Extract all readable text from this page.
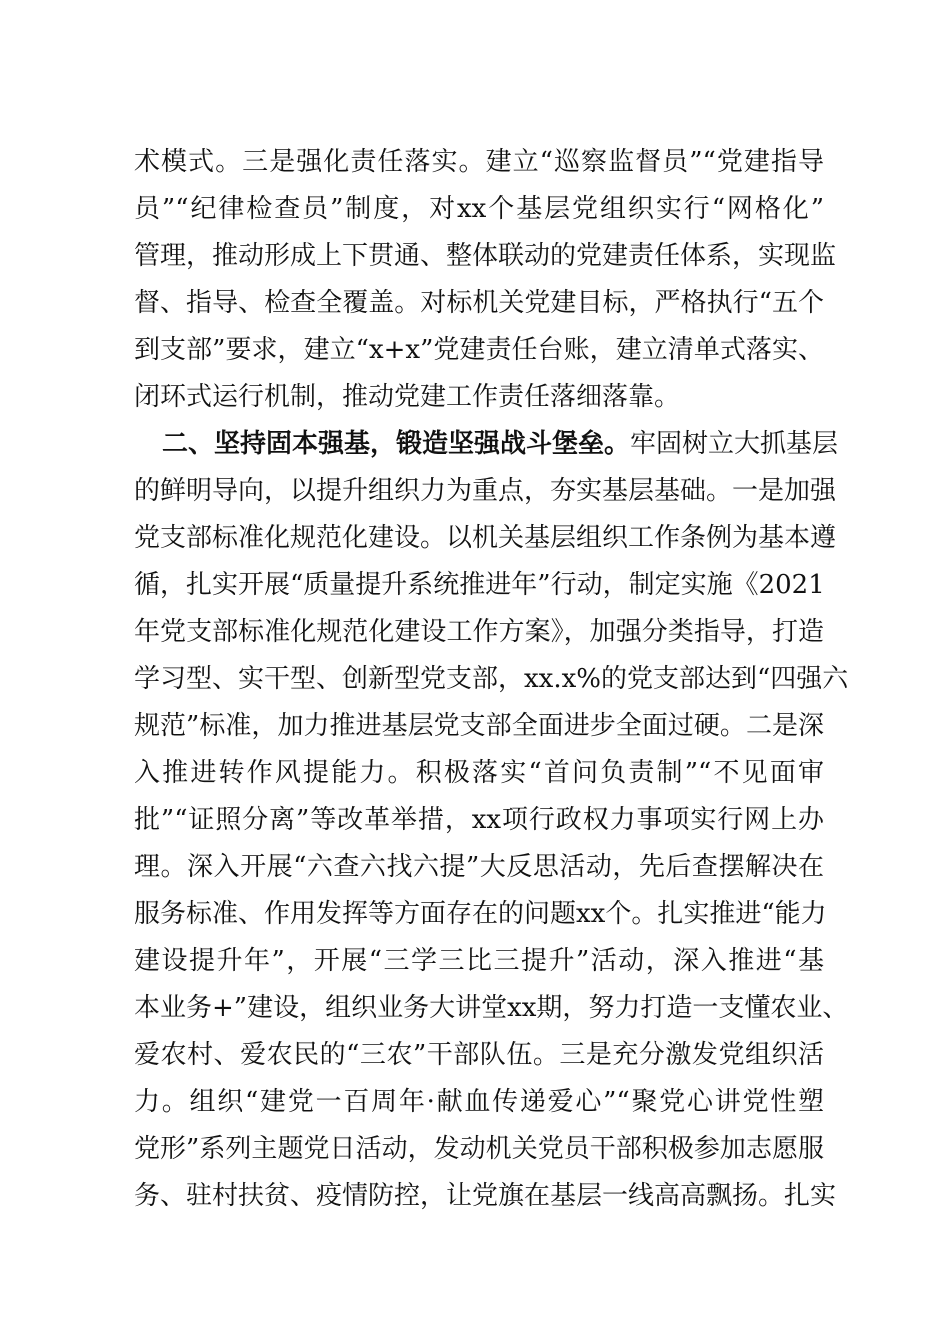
术模式。三是强化责任落实。建立“巡察监督员”“党建指导
员”“纪律检查员”制度，对xx个基层党组织实行“网格化”
管理，推动形成上下贯通、整体联动的党建责任体系，实现监
督、指导、检查全覆盖。对标机关党建目标，严格执行“五个
到支部”要求，建立“x+x”党建责任台账，建立清单式落实、
闭环式运行机制，推动党建工作责任落细落靠。
二、坚持固本强基，锻造坚强战斗堡垒。牢固树立大抓基层
的鲜明导向，以提升组织力为重点，夯实基层基础。一是加强
党支部标准化规范化建设。以机关基层组织工作条例为基本遵
循，扎实开展“质量提升系统推进年”行动，制定实施《2021
年党支部标准化规范化建设工作方案》，加强分类指导，打造
学习型、实干型、创新型党支部，xx.x%的党支部达到“四强六
规范”标准，加力推进基层党支部全面进步全面过硬。二是深
入推进转作风提能力。积极落实“首问负责制”“不见面审
批”“证照分离”等改革举措，xx项行政权力事项实行网上办
理。深入开展“六查六找六提”大反思活动，先后查摆解决在
服务标准、作用发挥等方面存在的问题xx个。扎实推进“能力
建设提升年”，开展“三学三比三提升”活动，深入推进“基
本业务+”建设，组织业务大讲堂xx期，努力打造一支懂农业、
爱农村、爱农民的“三农”干部队伍。三是充分激发党组织活
力。组织“建党一百周年·献血传递爱心”“聚党心讲党性塑
党形”系列主题党日活动，发动机关党员干部积极参加志愿服
务、驻村扶贫、疫情防控，让党旗在基层一线高高飘扬。扎实
